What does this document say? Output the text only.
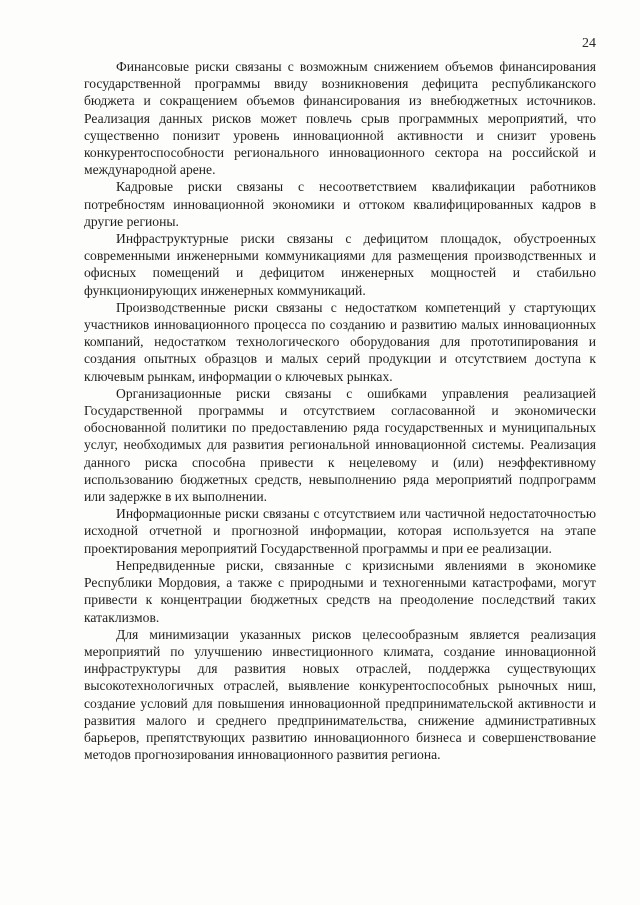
24

Финансовые риски связаны с возможным снижением объемов финансирования государственной программы ввиду возникновения дефицита республиканского бюджета и сокращением объемов финансирования из внебюджетных источников. Реализация данных рисков может повлечь срыв программных мероприятий, что существенно понизит уровень инновационной активности и снизит уровень конкурентоспособности регионального инновационного сектора на российской и международной арене.

Кадровые риски связаны с несоответствием квалификации работников потребностям инновационной экономики и оттоком квалифицированных кадров в другие регионы.

Инфраструктурные риски связаны с дефицитом площадок, обустроенных современными инженерными коммуникациями для размещения производственных и офисных помещений и дефицитом инженерных мощностей и стабильно функционирующих инженерных коммуникаций.

Производственные риски связаны с недостатком компетенций у стартующих участников инновационного процесса по созданию и развитию малых инновационных компаний, недостатком технологического оборудования для прототипирования и создания опытных образцов и малых серий продукции и отсутствием доступа к ключевым рынкам, информации о ключевых рынках.

Организационные риски связаны с ошибками управления реализацией Государственной программы и отсутствием согласованной и экономически обоснованной политики по предоставлению ряда государственных и муниципальных услуг, необходимых для развития региональной инновационной системы. Реализация данного риска способна привести к нецелевому и (или) неэффективному использованию бюджетных средств, невыполнению ряда мероприятий подпрограмм или задержке в их выполнении.

Информационные риски связаны с отсутствием или частичной недостаточностью исходной отчетной и прогнозной информации, которая используется на этапе проектирования мероприятий Государственной программы и при ее реализации.

Непредвиденные риски, связанные с кризисными явлениями в экономике Республики Мордовия, а также с природными и техногенными катастрофами, могут привести к концентрации бюджетных средств на преодоление последствий таких катаклизмов.

Для минимизации указанных рисков целесообразным является реализация мероприятий по улучшению инвестиционного климата, создание инновационной инфраструктуры для развития новых отраслей, поддержка существующих высокотехнологичных отраслей, выявление конкурентоспособных рыночных ниш, создание условий для повышения инновационной предпринимательской активности и развития малого и среднего предпринимательства, снижение административных барьеров, препятствующих развитию инновационного бизнеса и совершенствование методов прогнозирования инновационного развития региона.
